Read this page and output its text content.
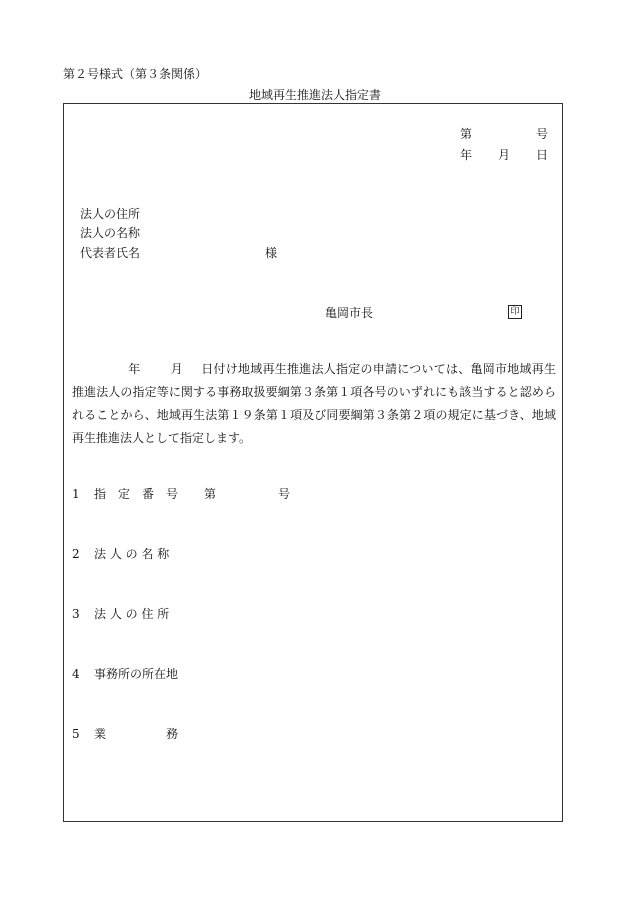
第２号様式（第３条関係）
地域再生推進法人指定書
第	号
年 月 日
法人の住所
法人の名称
代表者氏名	様
亀岡市長	印
年	月 日付け地域再生推進法人指定の申請については、亀岡市地域再生推進法人の指定等に関する事務取扱要綱第３条第１項各号のいずれにも該当すると認められることから、地域再生法第１９条第１項及び同要綱第３条第２項の規定に基づき、地域再生推進法人として指定します。
1 指　定　番　号 第	号
2 法 人 の 名 称
3 法 人 の 住 所
4 事務所の所在地
5 業	務
